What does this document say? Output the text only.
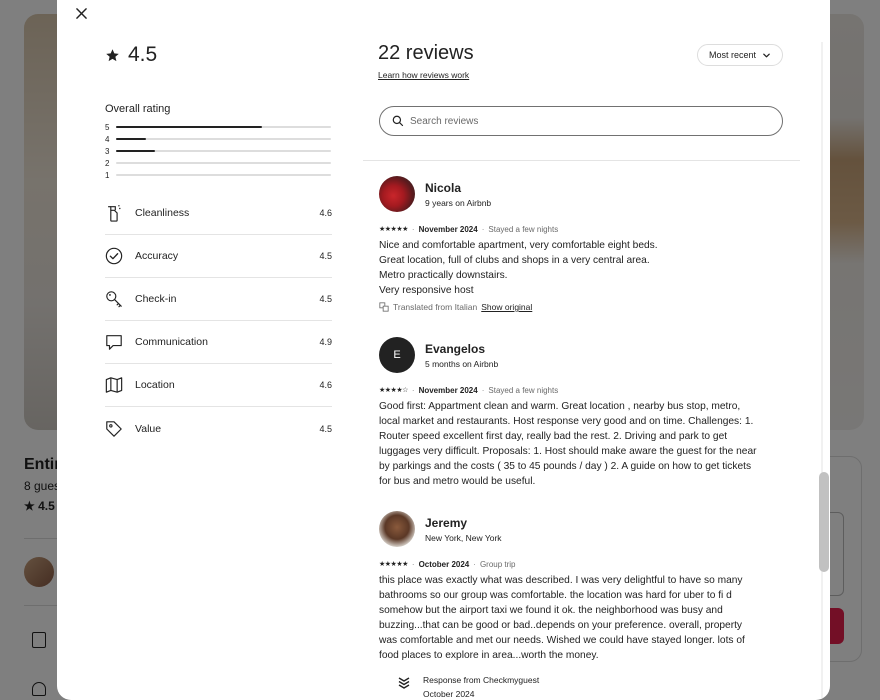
4.5
Overall rating
5
4
3
2
1
Cleanliness	4.6
Accuracy	4.5
Check-in	4.5
Communication	4.9
Location	4.6
Value	4.5
22 reviews
Learn how reviews work
Most recent
Search reviews
Nicola
9 years on Airbnb
★★★★★ · November 2024 · Stayed a few nights
Nice and comfortable apartment, very comfortable eight beds.
Great location, full of clubs and shops in a very central area.
Metro practically downstairs.
Very responsive host
Translated from Italian Show original
E	Evangelos
5 months on Airbnb
★★★★☆ · November 2024 · Stayed a few nights
Good first: Appartment clean and warm. Great location , nearby bus stop, metro,
local market and restaurants. Host response very good and on time. Challenges: 1.
Router speed excellent first day, really bad the rest. 2. Driving and park to get
luggages very difficult. Proposals: 1. Host should make aware the guest for the near
by parkings and the costs ( 35 to 45 pounds / day ) 2. A guide on how to get tickets
for bus and metro would be useful.
Jeremy
New York, New York
★★★★★ · October 2024 · Group trip
this place was exactly what was described. I was very delightful to have so many
bathrooms so our group was comfortable. the location was hard for uber to fi d
somehow but the airport taxi we found it ok. the neighborhood was busy and
buzzing...that can be good or bad..depends on your preference. overall, property
was comfortable and met our needs. Wished we could have stayed longer. lots of
food places to explore in area...worth the money.
Response from Checkmyguest
October 2024
